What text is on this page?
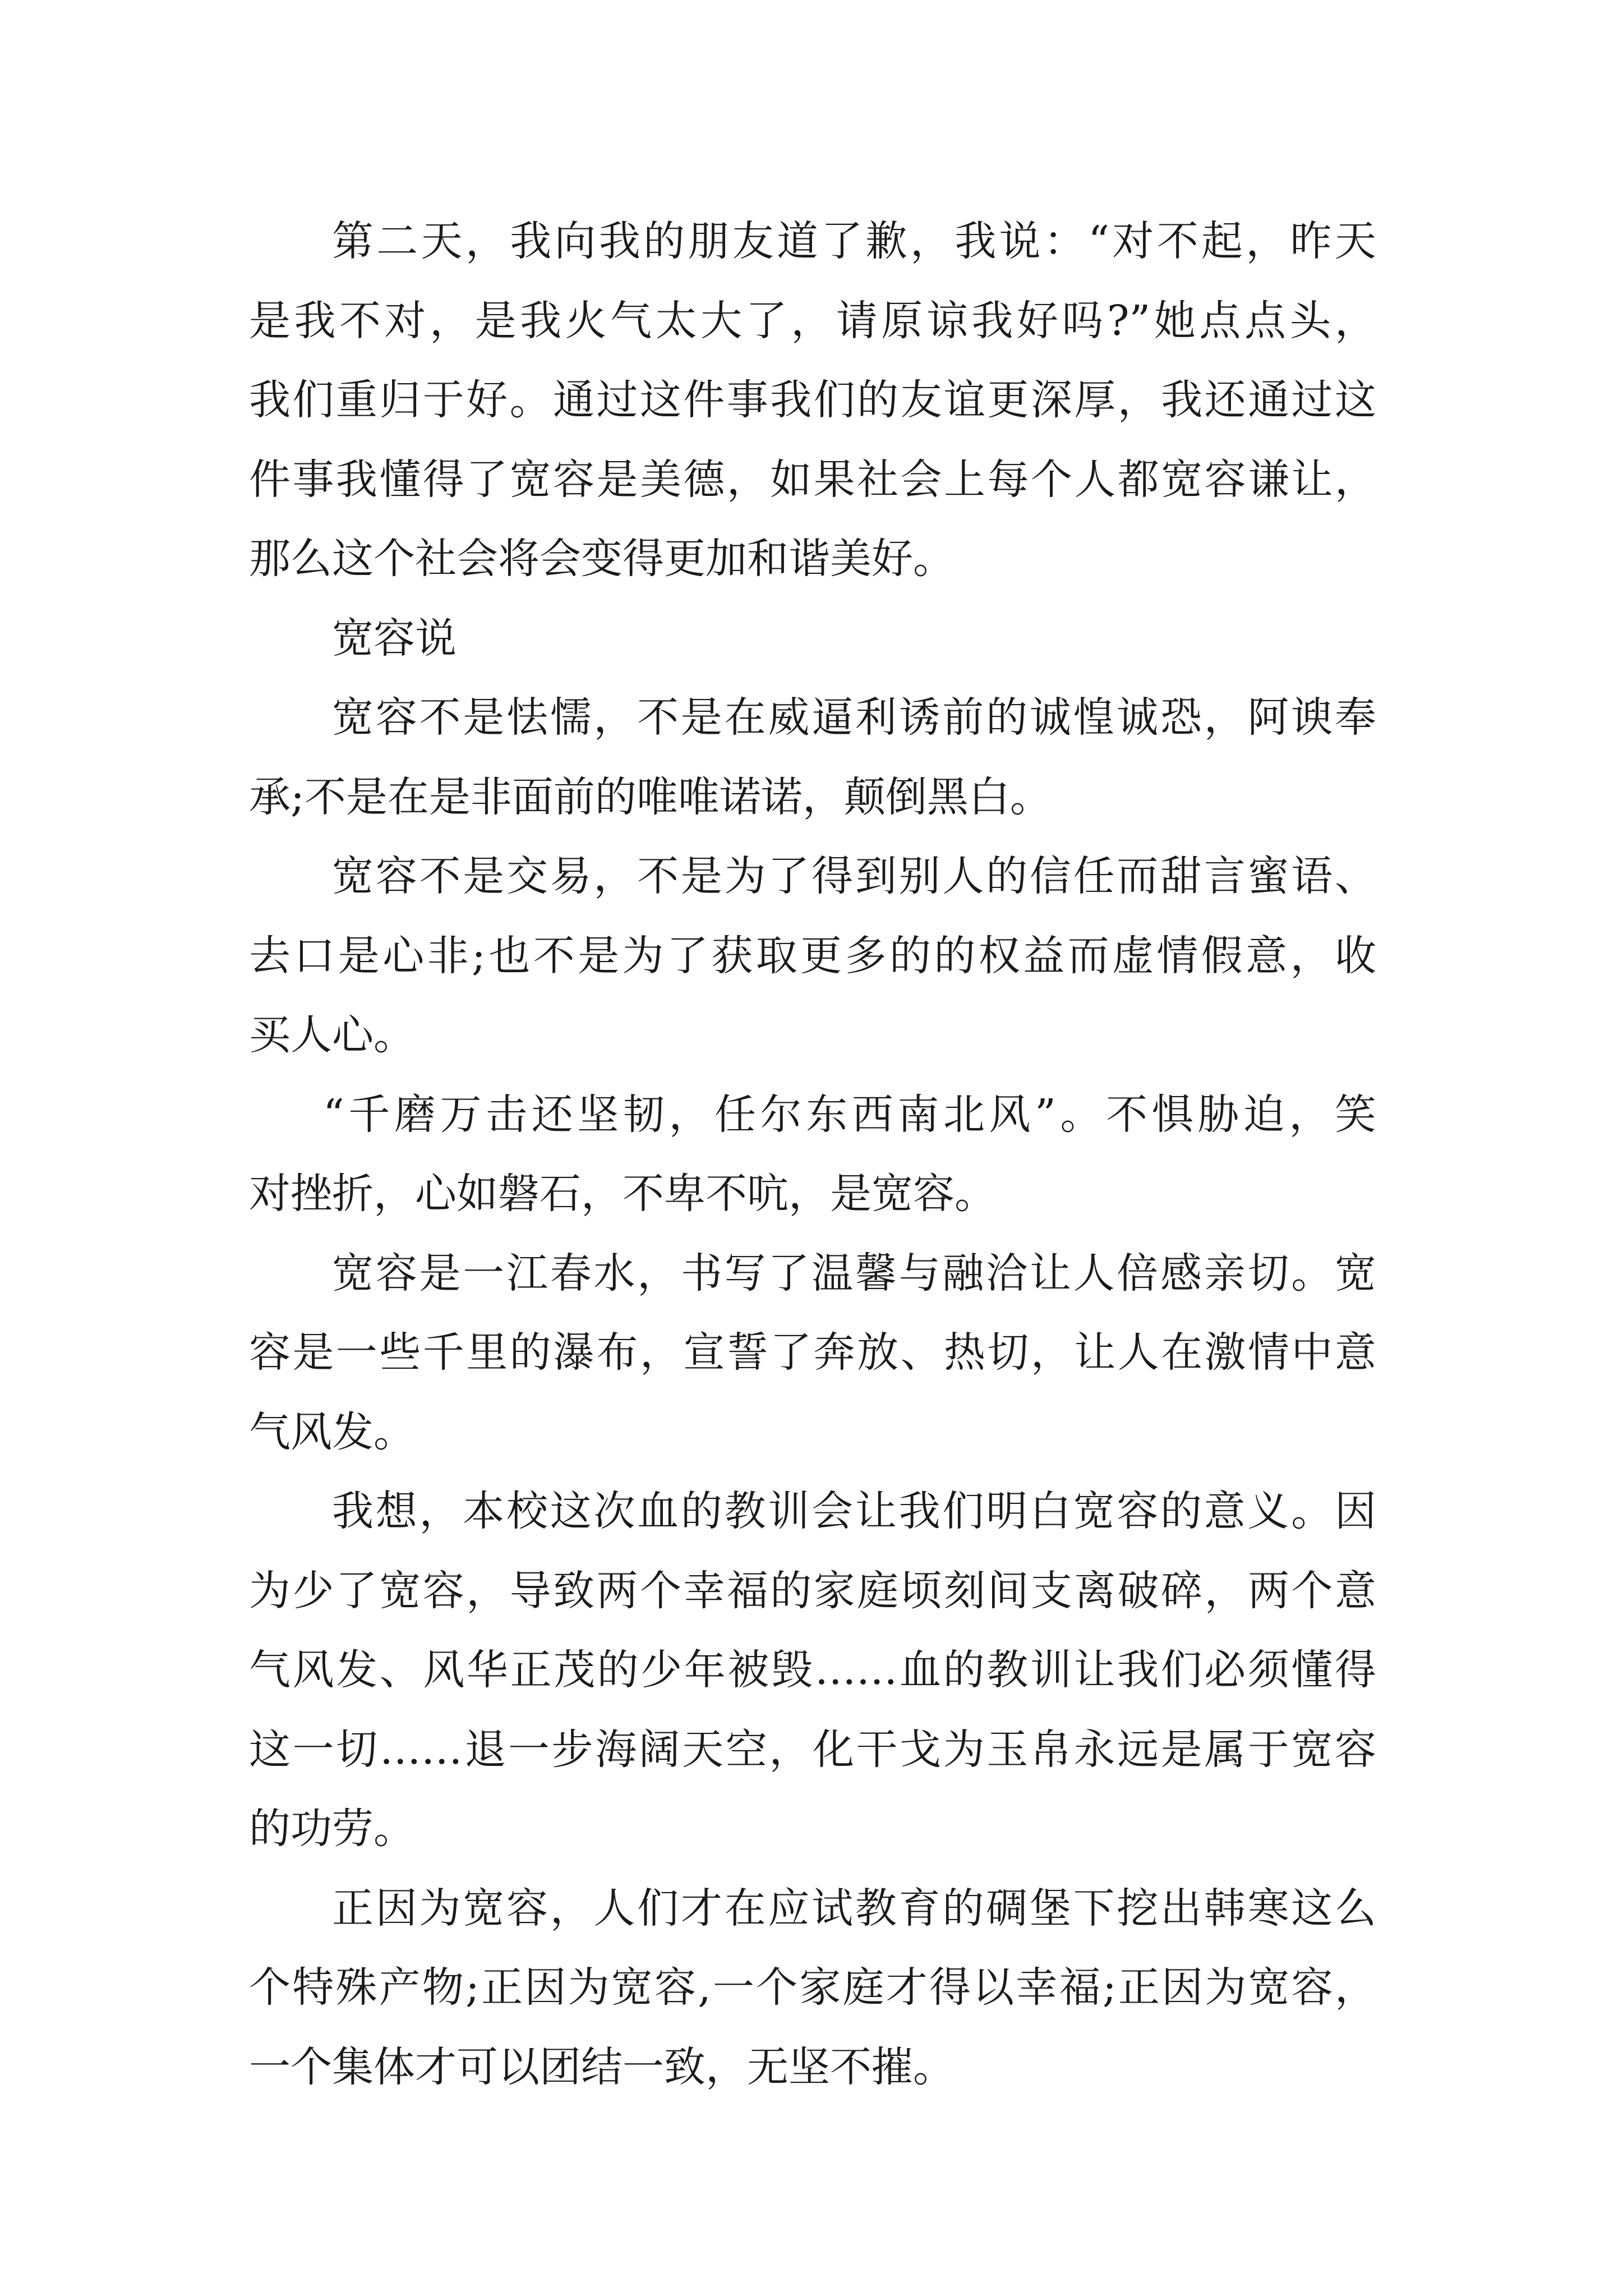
第二天，我向我的朋友道了歉，我说：“对不起，昨天
是我不对，是我火气太大了，请原谅我好吗?”她点点头，
我们重归于好。通过这件事我们的友谊更深厚，我还通过这
件事我懂得了宽容是美德，如果社会上每个人都宽容谦让，
那么这个社会将会变得更加和谐美好。
宽容说
宽容不是怯懦，不是在威逼利诱前的诚惶诚恐，阿谀奉
承;不是在是非面前的唯唯诺诺，颠倒黑白。
宽容不是交易，不是为了得到别人的信任而甜言蜜语、
去口是心非;也不是为了获取更多的的权益而虚情假意，收
买人心。
“千磨万击还坚韧，任尔东西南北风”。不惧胁迫，笑
对挫折，心如磐石，不卑不吭，是宽容。
宽容是一江春水，书写了温馨与融洽让人倍感亲切。宽
容是一些千里的瀑布，宣誓了奔放、热切，让人在激情中意
气风发。
我想，本校这次血的教训会让我们明白宽容的意义。因
为少了宽容，导致两个幸福的家庭顷刻间支离破碎，两个意
气风发、风华正茂的少年被毁……血的教训让我们必须懂得
这一切……退一步海阔天空，化干戈为玉帛永远是属于宽容
的功劳。
正因为宽容，人们才在应试教育的碉堡下挖出韩寒这么
个特殊产物;正因为宽容,一个家庭才得以幸福;正因为宽容，
一个集体才可以团结一致，无坚不摧。
